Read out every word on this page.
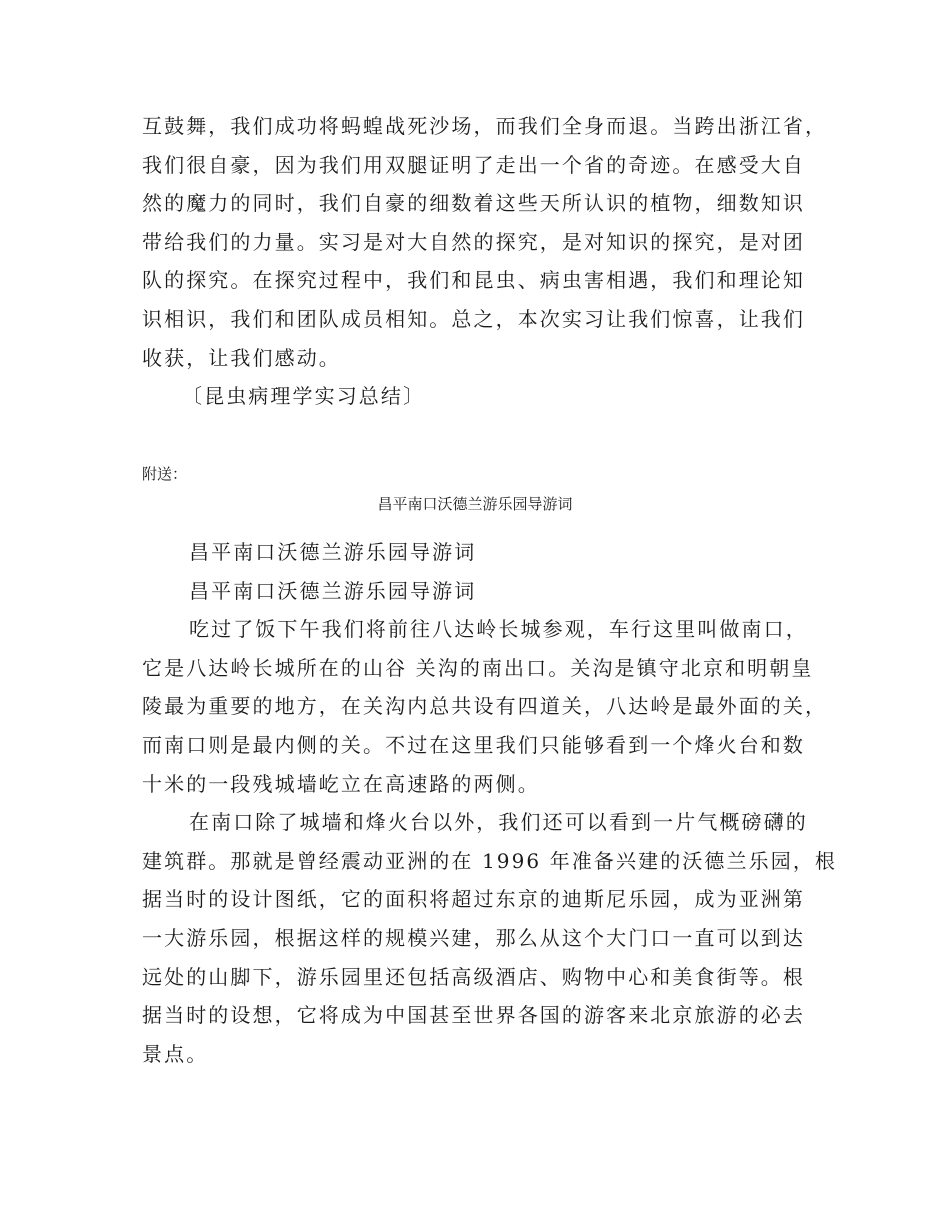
互鼓舞，我们成功将蚂蝗战死沙场，而我们全身而退。当跨出浙江省，
我们很自豪，因为我们用双腿证明了走出一个省的奇迹。在感受大自
然的魔力的同时，我们自豪的细数着这些天所认识的植物，细数知识
带给我们的力量。实习是对大自然的探究，是对知识的探究，是对团
队的探究。在探究过程中，我们和昆虫、病虫害相遇，我们和理论知
识相识，我们和团队成员相知。总之，本次实习让我们惊喜，让我们
收获，让我们感动。

〔昆虫病理学实习总结〕

附送：

昌平南口沃德兰游乐园导游词

昌平南口沃德兰游乐园导游词

昌平南口沃德兰游乐园导游词

吃过了饭下午我们将前往八达岭长城参观，车行这里叫做南口，
它是八达岭长城所在的山谷 关沟的南出口。关沟是镇守北京和明朝皇
陵最为重要的地方，在关沟内总共设有四道关，八达岭是最外面的关，
而南口则是最内侧的关。不过在这里我们只能够看到一个烽火台和数
十米的一段残城墙屹立在高速路的两侧。

在南口除了城墙和烽火台以外，我们还可以看到一片气概磅礴的
建筑群。那就是曾经震动亚洲的在 1996 年准备兴建的沃德兰乐园，根
据当时的设计图纸，它的面积将超过东京的迪斯尼乐园，成为亚洲第
一大游乐园，根据这样的规模兴建，那么从这个大门口一直可以到达
远处的山脚下，游乐园里还包括高级酒店、购物中心和美食街等。根
据当时的设想，它将成为中国甚至世界各国的游客来北京旅游的必去
景点。
